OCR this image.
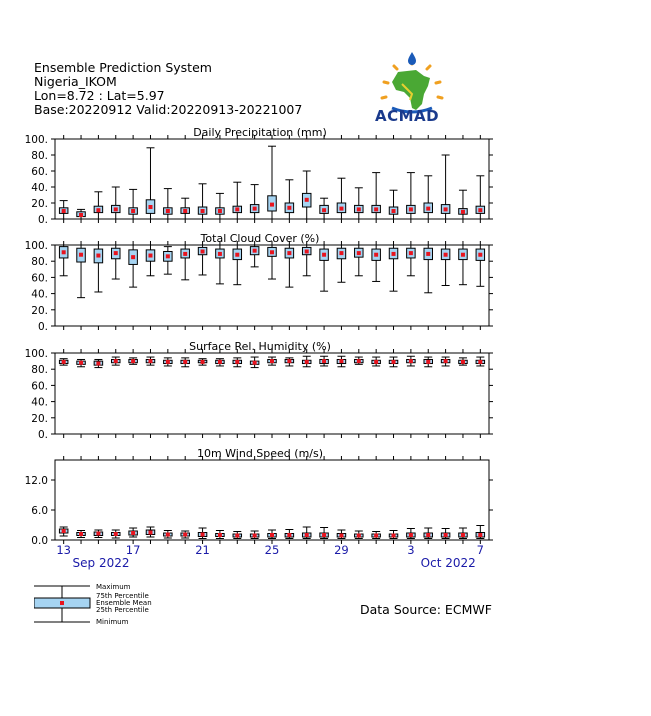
Ensemble Prediction System
Nigeria_IKOM
Lon=8.72 : Lat=5.97
Base:20220912 Valid:20220913-20221007	ACMAD
Daily Precipitation (mm)
0.
20.
40.
60.
80.
100.
Total Cloud Cover (%)
0.
20.
40.
60.
80.
100.
Surface Rel. Humidity (%)
0.
20.
40.
60.
80.
100.
10m Wind Speed (m/s)
0.0
6.0
12.0
13	17	21	25	29	3	7
Sep 2022	Oct 2022
Maximum
75th Percentile
Ensemble Mean
25th Percentile
Minimum
Data Source: ECMWF
